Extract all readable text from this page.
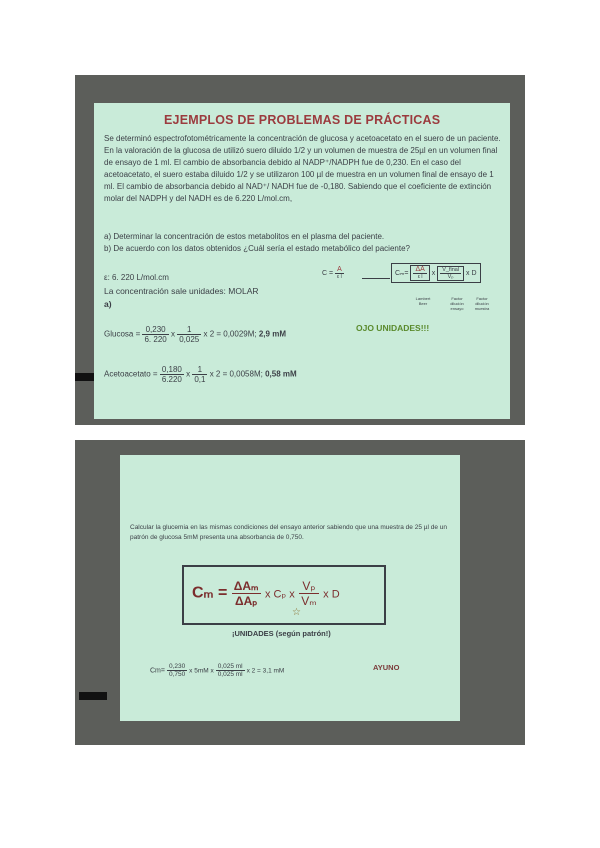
EJEMPLOS DE PROBLEMAS DE PRÁCTICAS
Se determinó espectrofotométricamente la concentración de glucosa y acetoacetato en el suero de un paciente. En la valoración de la glucosa de utilizó suero diluido 1/2 y un volumen de muestra de 25µl en un volumen final de ensayo de 1 ml. El cambio de absorbancia debido al NADP⁺/NADPH fue de 0,230. En el caso del acetoacetato, el suero estaba diluido 1/2 y se utilizaron 100 µl de muestra en un volumen final de ensayo de 1 ml. El cambio de absorbancia debido al NAD⁺/ NADH fue de -0,180. Sabiendo que el coeficiente de extinción molar del NADPH y del NADH es de 6.220 L/mol.cm,
a) Determinar la concentración de estos metabolitos en el plasma del paciente.
b) De acuerdo con los datos obtenidos ¿Cuál sería el estado metabólico del paciente?
ε: 6. 220 L/mol.cm
La concentración sale unidades: MOLAR
a)
$C = \frac{A}{\text{ε l}}$	$C_m= \frac{\Delta A}{\text{ε l}}$ x $\frac{\text{V\_final}}{\text{Vₚ}}$ x D
Lambert Beer
Factor dilución ensayo
Factor dilución muestra
$Glucosa = \frac{0,230}{6. 220}$ x $\frac{1}{0,025}$ x 2 = 0,0029M; 2,9 mM
OJO UNIDADES!!!
Acetoacetato = $\frac{0,180}{6.220}$ x $\frac{1}{0,1}$ x 2 = 0,0058M; 0,58 mM
Calcular la glucemia en las mismas condiciones del ensayo anterior sabiendo que una muestra de 25 µl de un patrón de glucosa 5mM presenta una absorbancia de 0,750.
$C_m = \frac{\text{ΔAₘ}}{\text{ΔAₚ}}$ x Cₚ x $\frac{\text{Vₚ}}{\text{Vₘ}}$ x D
☆
¡UNIDADES (según patrón!)
$Cm= \frac{0,230}{0,750}$ x 5mM x $\frac{0,025 ml}{0,025 ml}$ x 2 = 3,1 mM	AYUNO
